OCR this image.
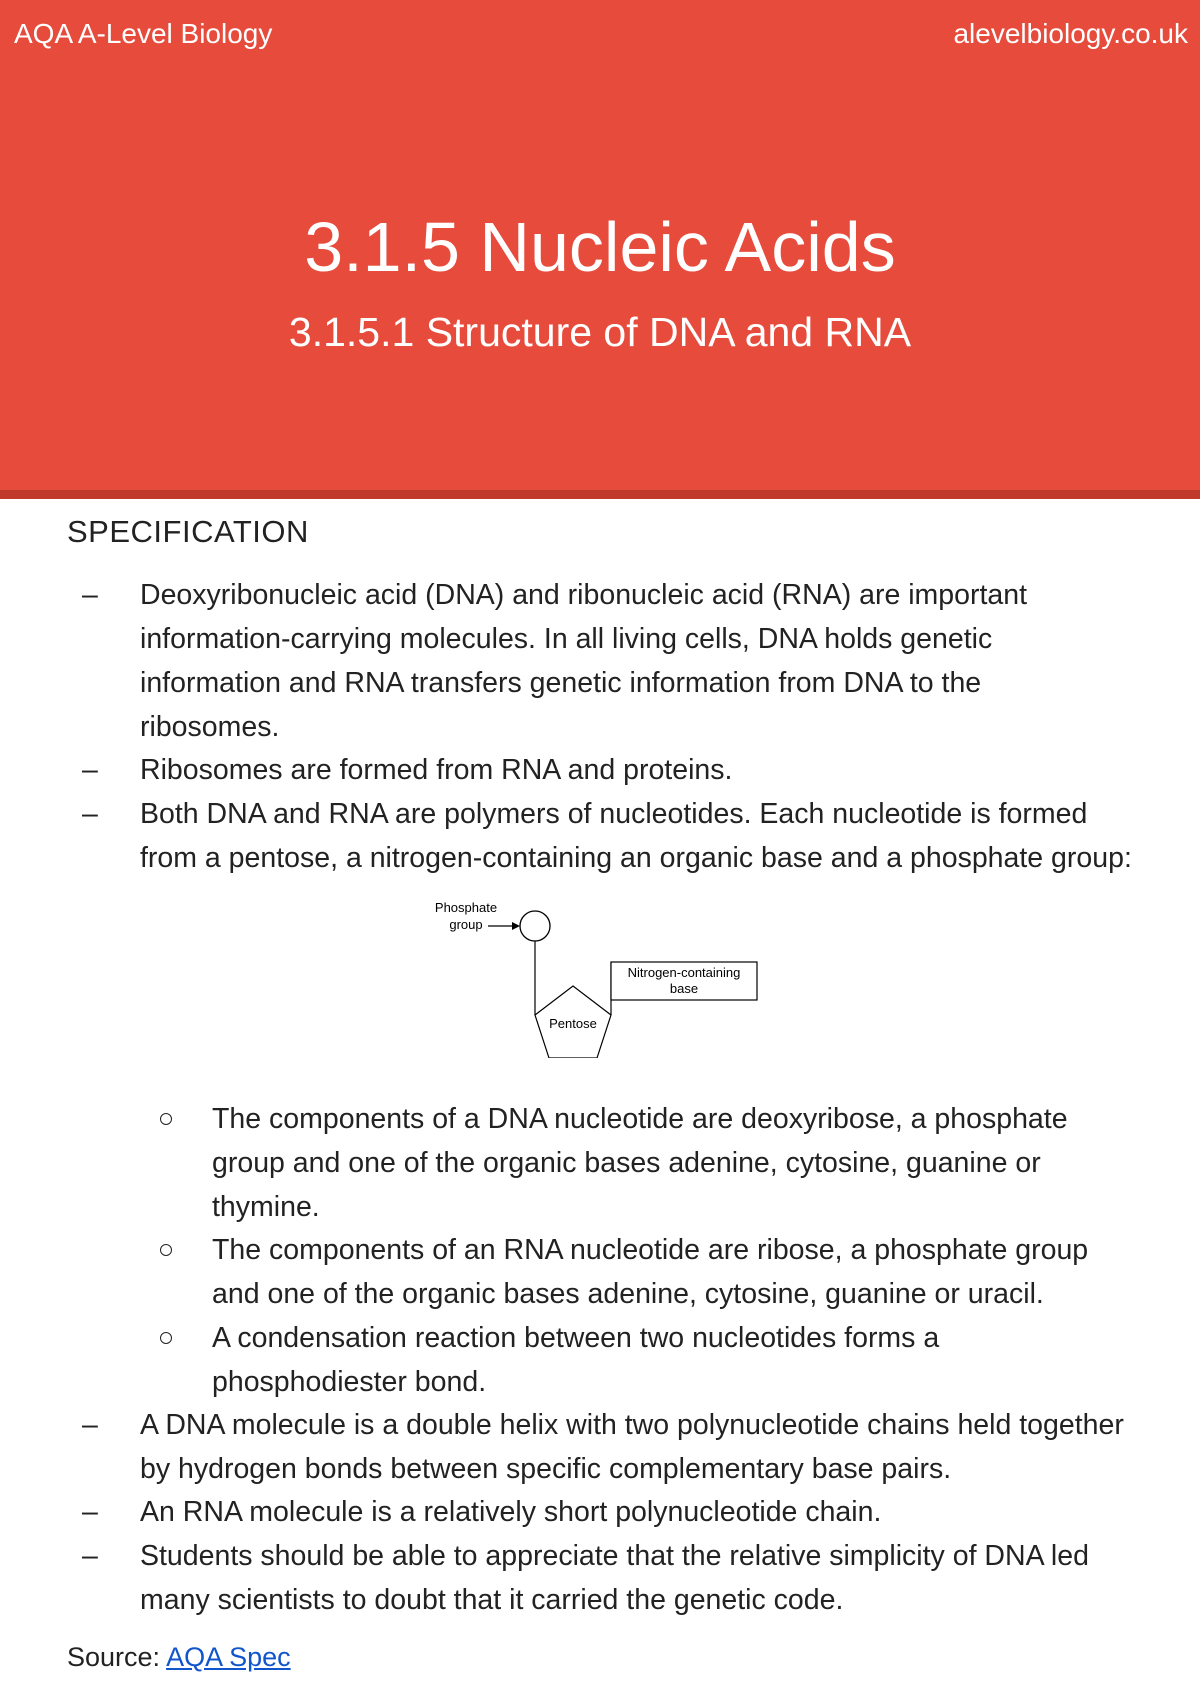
AQA A-Level Biology	alevelbiology.co.uk
3.1.5 Nucleic Acids
3.1.5.1 Structure of DNA and RNA
SPECIFICATION
– Deoxyribonucleic acid (DNA) and ribonucleic acid (RNA) are important information-carrying molecules. In all living cells, DNA holds genetic information and RNA transfers genetic information from DNA to the ribosomes.
– Ribosomes are formed from RNA and proteins.
– Both DNA and RNA are polymers of nucleotides. Each nucleotide is formed from a pentose, a nitrogen-containing an organic base and a phosphate group:
Phosphate
group
Pentose
Nitrogen-containing
base
The components of a DNA nucleotide are deoxyribose, a phosphate group and one of the organic bases adenine, cytosine, guanine or thymine.
The components of an RNA nucleotide are ribose, a phosphate group and one of the organic bases adenine, cytosine, guanine or uracil.
A condensation reaction between two nucleotides forms a phosphodiester bond.
– A DNA molecule is a double helix with two polynucleotide chains held together by hydrogen bonds between specific complementary base pairs.
– An RNA molecule is a relatively short polynucleotide chain.
– Students should be able to appreciate that the relative simplicity of DNA led many scientists to doubt that it carried the genetic code.
Source: AQA Spec
